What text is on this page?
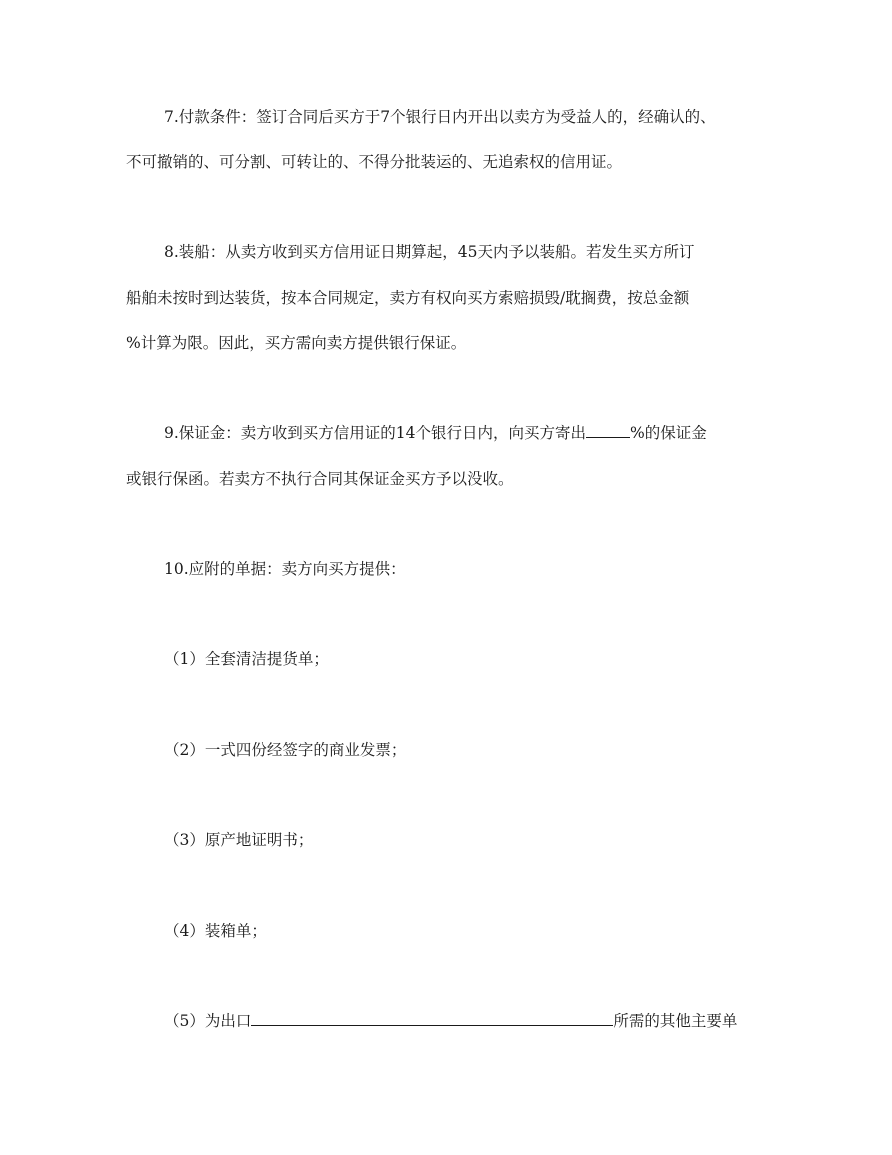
7.付款条件：签订合同后买方于7个银行日内开出以卖方为受益人的，经确认的、
不可撤销的、可分割、可转让的、不得分批装运的、无追索权的信用证。
8.装船：从卖方收到买方信用证日期算起，45天内予以装船。若发生买方所订
船舶未按时到达装货，按本合同规定，卖方有权向买方索赔损毁/耽搁费，按总金额
%计算为限。因此，买方需向卖方提供银行保证。
9.保证金：卖方收到买方信用证的14个银行日内，向买方寄出	%的保证金
或银行保函。若卖方不执行合同其保证金买方予以没收。
10.应附的单据：卖方向买方提供：
（1）全套清洁提货单；
（2）一式四份经签字的商业发票；
（3）原产地证明书；
（4）装箱单；
（5）为出口	所需的其他主要单
